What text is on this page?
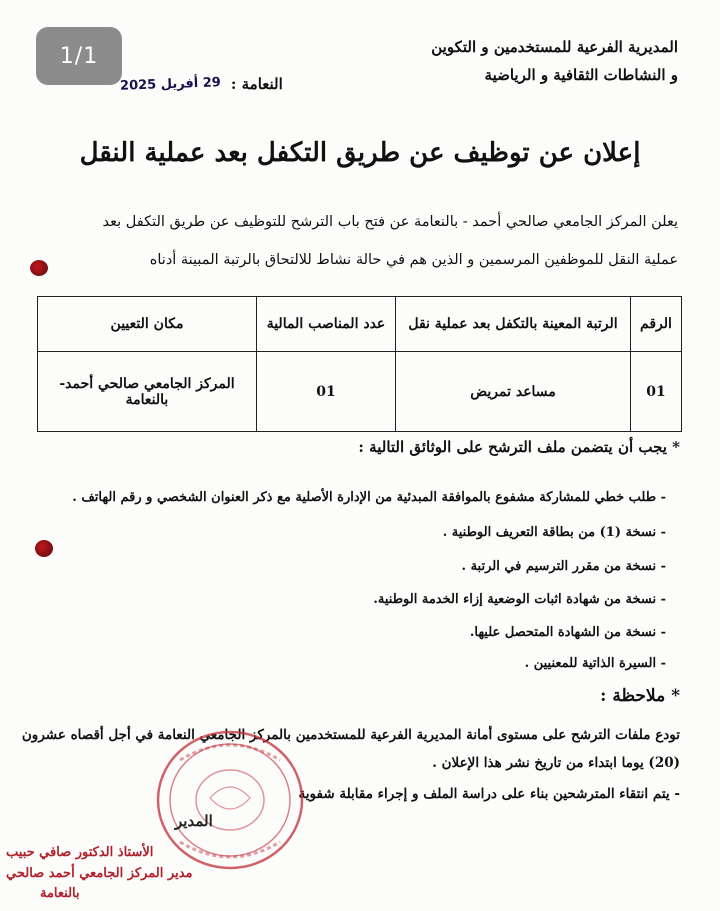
1/1	المديرية الفرعية للمستخدمين و التكوين
و النشاطات الثقافية و الرياضية
النعامة :
29 أفريل 2025
إعلان عن توظيف عن طريق التكفل بعد عملية النقل
يعلن المركز الجامعي صالحي أحمد - بالنعامة عن فتح باب الترشح للتوظيف عن طريق التكفل بعد
عملية النقل للموظفين المرسمين و الذين هم في حالة نشاط للالتحاق بالرتبة المبينة أدناه
الرقم	الرتبة المعينة بالتكفل بعد عملية نقل	عدد المناصب المالية	مكان التعيين
01	مساعد تمريض	01	المركز الجامعي صالحي أحمد- بالنعامة
* يجب أن يتضمن ملف الترشح على الوثائق التالية :
- طلب خطي للمشاركة مشفوع بالموافقة المبدئية من الإدارة الأصلية مع ذكر العنوان الشخصي و رقم الهاتف .
- نسخة (1) من بطاقة التعريف الوطنية .
- نسخة من مقرر الترسيم في الرتبة .
- نسخة من شهادة اثبات الوضعية إزاء الخدمة الوطنية.
- نسخة من الشهادة المتحصل عليها.
- السيرة الذاتية للمعنيين .
* ملاحظة :
تودع ملفات الترشح على مستوى أمانة المديرية الفرعية للمستخدمين بالمركز الجامعي النعامة في أجل أقصاه عشرون
(20) يوما ابتداء من تاريخ نشر هذا الإعلان .
- يتم انتقاء المترشحين بناء على دراسة الملف و إجراء مقابلة شفوية
المدير
الأستاذ الدكتور صافي حبيب
مدير المركز الجامعي أحمد صالحي
بالنعامة
